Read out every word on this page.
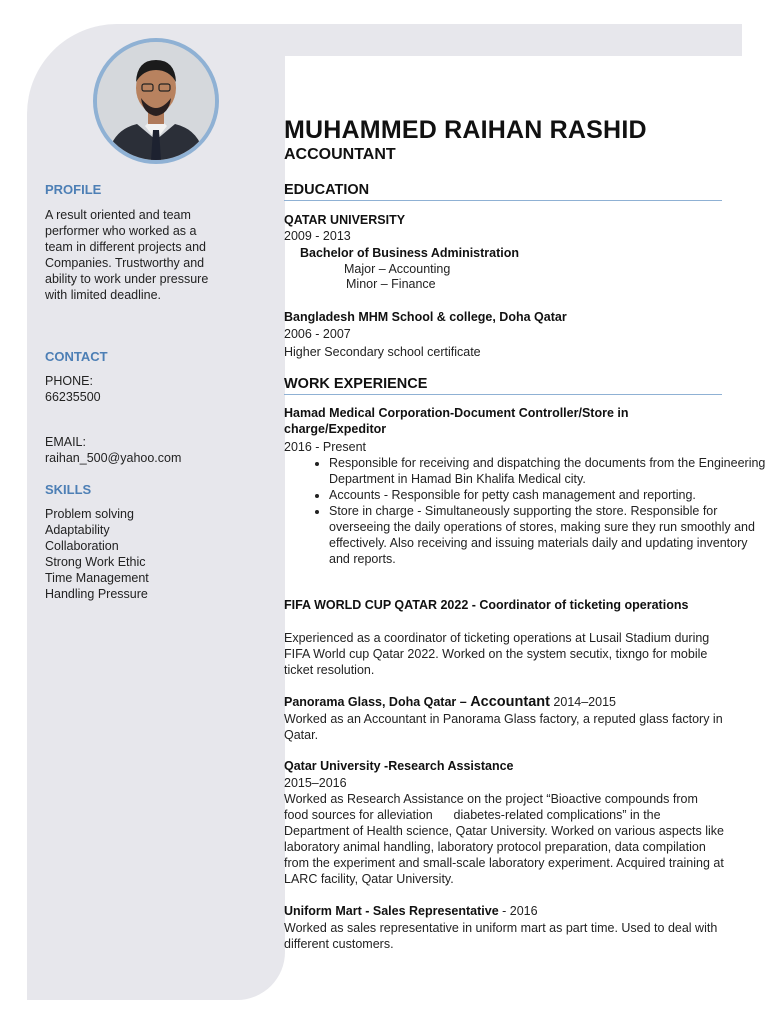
PROFILE
A result oriented and team performer who worked as a team in different projects and Companies. Trustworthy and ability to work under pressure with limited deadline.
CONTACT
PHONE:
66235500
EMAIL:
raihan_500@yahoo.com
SKILLS
Problem solving
Adaptability
Collaboration
Strong Work Ethic
Time Management
Handling Pressure
MUHAMMED RAIHAN RASHID
ACCOUNTANT
EDUCATION
QATAR UNIVERSITY
2009 - 2013
Bachelor of Business Administration
Major – Accounting
Minor – Finance
Bangladesh MHM School & college, Doha Qatar
2006 - 2007
Higher Secondary school certificate
WORK EXPERIENCE
Hamad Medical Corporation-Document Controller/Store in charge/Expeditor
2016 - Present
• Responsible for receiving and dispatching the documents from the Engineering Department in Hamad Bin Khalifa Medical city.
• Accounts - Responsible for petty cash management and reporting.
• Store in charge - Simultaneously supporting the store. Responsible for overseeing the daily operations of stores, making sure they run smoothly and effectively. Also receiving and issuing materials daily and updating inventory and reports.
FIFA WORLD CUP QATAR 2022 - Coordinator of ticketing operations
Experienced as a coordinator of ticketing operations at Lusail Stadium during FIFA World cup Qatar 2022. Worked on the system secutix, tixngo for mobile ticket resolution.
Panorama Glass, Doha Qatar – Accountant 2014–2015
Worked as an Accountant in Panorama Glass factory, a reputed glass factory in Qatar.
Qatar University -Research Assistance
2015–2016
Worked as Research Assistance on the project “Bioactive compounds from food sources for alleviation      diabetes-related complications” in the Department of Health science, Qatar University. Worked on various aspects like laboratory animal handling, laboratory protocol preparation, data compilation from the experiment and small-scale laboratory experiment. Acquired training at LARC facility, Qatar University.
Uniform Mart - Sales Representative - 2016
Worked as sales representative in uniform mart as part time. Used to deal with different customers.
